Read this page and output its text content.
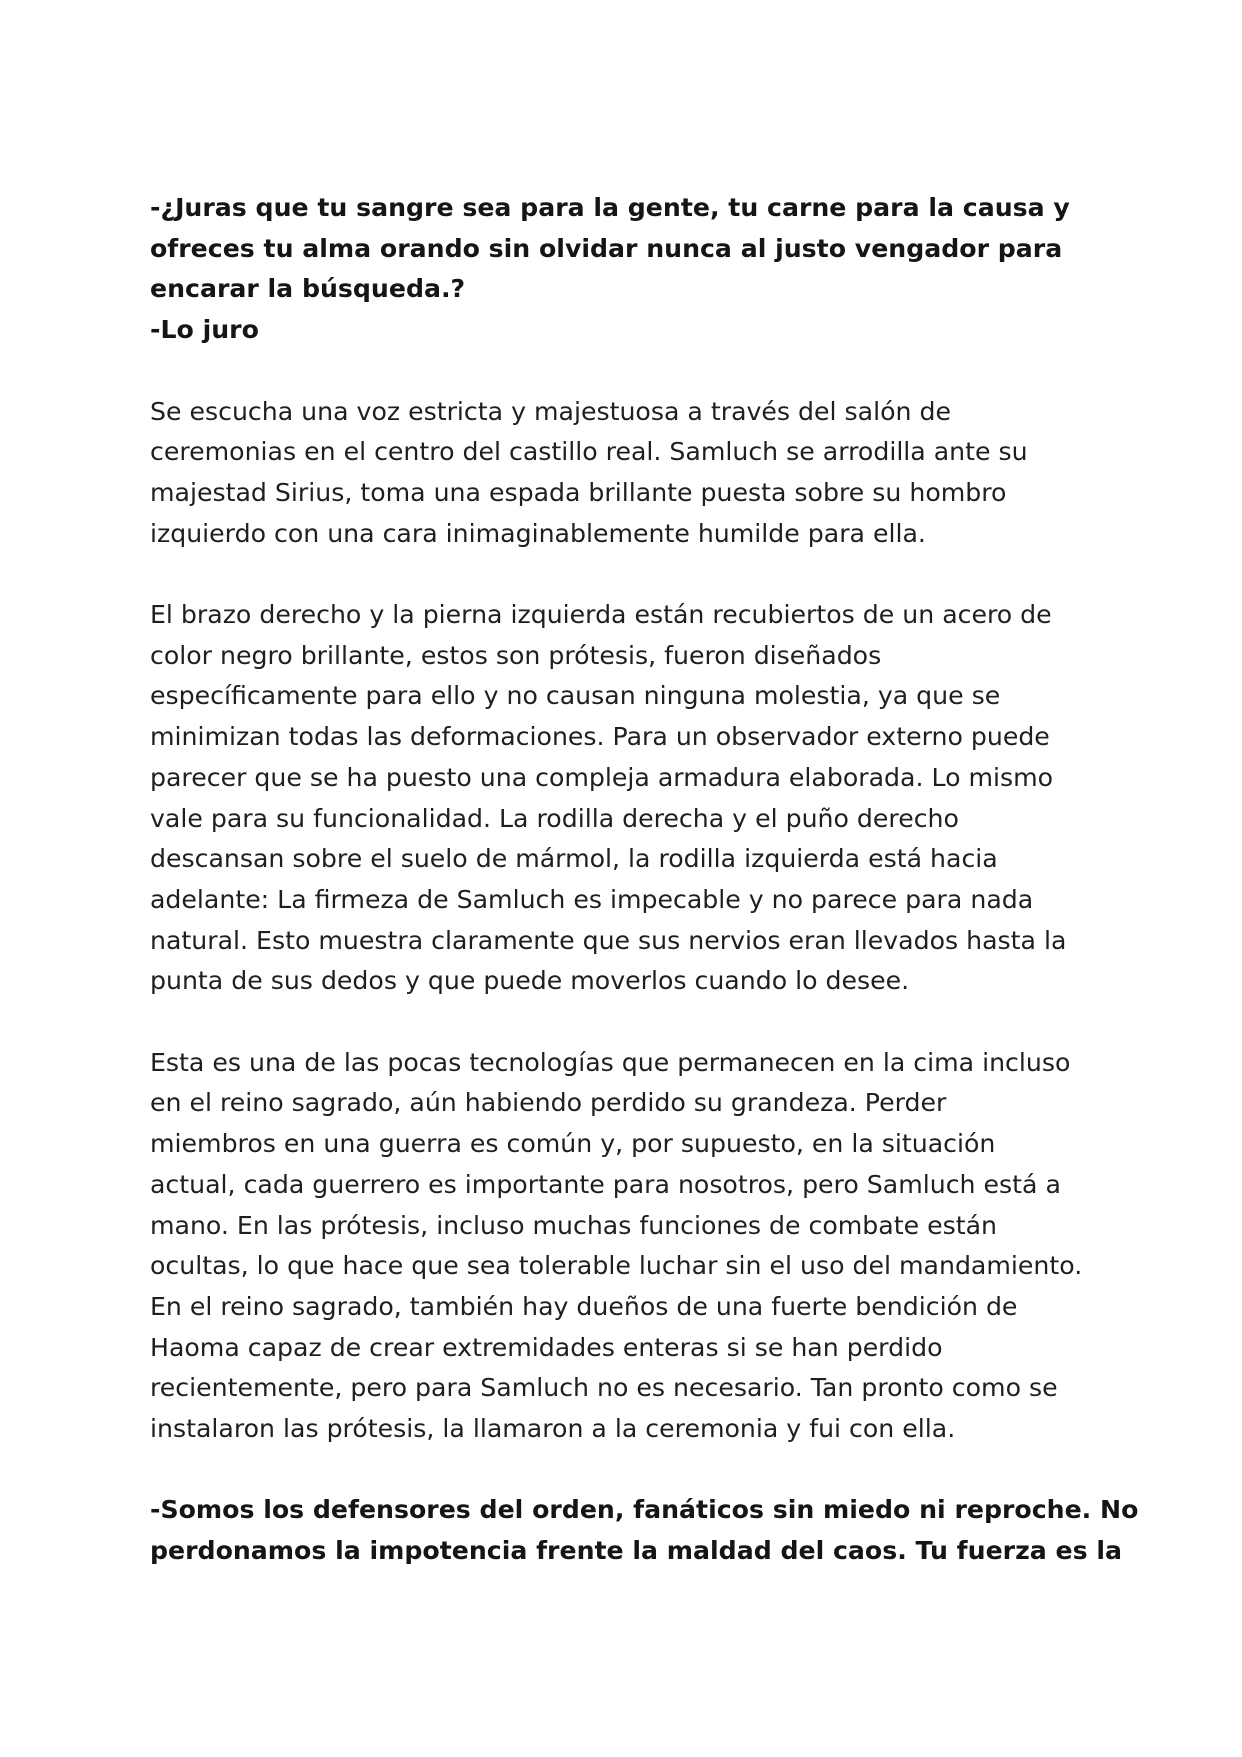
-¿Juras que tu sangre sea para la gente, tu carne para la causa y
ofreces tu alma orando sin olvidar nunca al justo vengador para
encarar la búsqueda.?
-Lo juro

Se escucha una voz estricta y majestuosa a través del salón de
ceremonias en el centro del castillo real. Samluch se arrodilla ante su
majestad Sirius, toma una espada brillante puesta sobre su hombro
izquierdo con una cara inimaginablemente humilde para ella.

El brazo derecho y la pierna izquierda están recubiertos de un acero de
color negro brillante, estos son prótesis, fueron diseñados
específicamente para ello y no causan ninguna molestia, ya que se
minimizan todas las deformaciones. Para un observador externo puede
parecer que se ha puesto una compleja armadura elaborada. Lo mismo
vale para su funcionalidad. La rodilla derecha y el puño derecho
descansan sobre el suelo de mármol, la rodilla izquierda está hacia
adelante: La firmeza de Samluch es impecable y no parece para nada
natural. Esto muestra claramente que sus nervios eran llevados hasta la
punta de sus dedos y que puede moverlos cuando lo desee.

Esta es una de las pocas tecnologías que permanecen en la cima incluso
en el reino sagrado, aún habiendo perdido su grandeza. Perder
miembros en una guerra es común y, por supuesto, en la situación
actual, cada guerrero es importante para nosotros, pero Samluch está a
mano. En las prótesis, incluso muchas funciones de combate están
ocultas, lo que hace que sea tolerable luchar sin el uso del mandamiento.
En el reino sagrado, también hay dueños de una fuerte bendición de
Haoma capaz de crear extremidades enteras si se han perdido
recientemente, pero para Samluch no es necesario. Tan pronto como se
instalaron las prótesis, la llamaron a la ceremonia y fui con ella.

-Somos los defensores del orden, fanáticos sin miedo ni reproche. No
perdonamos la impotencia frente la maldad del caos. Tu fuerza es la
